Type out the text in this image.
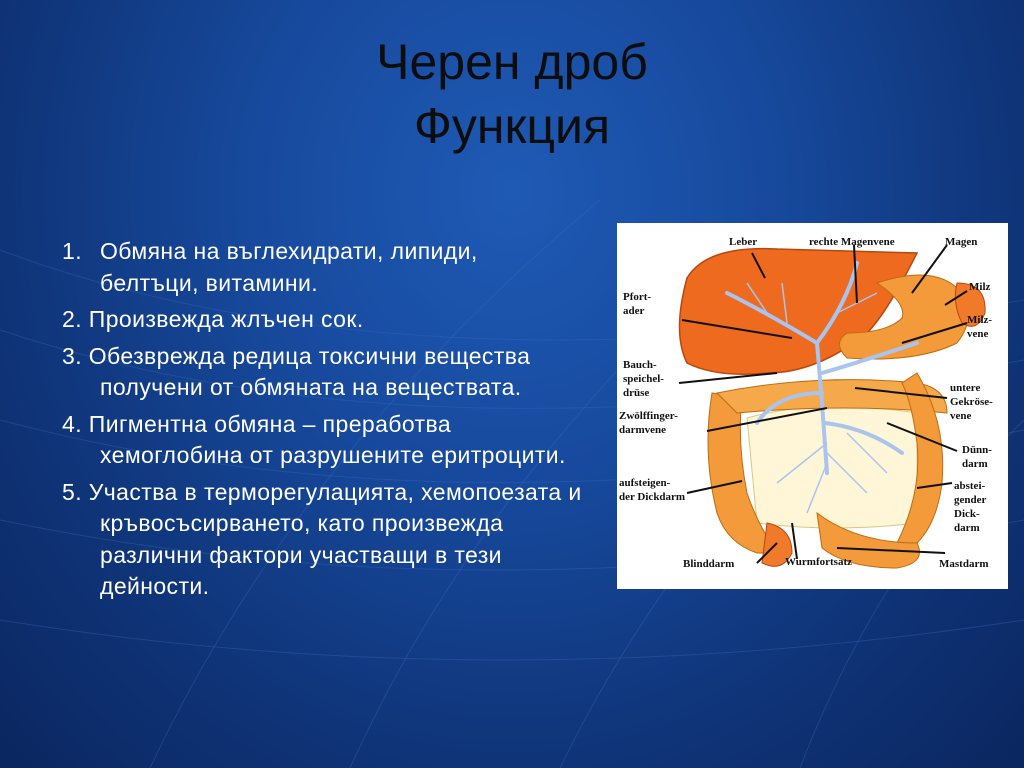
Черен дроб
Функция
1. Обмяна на въглехидрати, липиди, белтъци, витамини.
2. Произвежда жлъчен сок.
3. Обезврежда редица токсични вещества получени от обмяната на веществата.
4. Пигментна обмяна – преработва хемоглобина от разрушените еритроцити.
5. Участва в терморегулацията, хемопоезата и кръвосъсирването, като произвежда различни фактори участващи в тези дейности.
Leber	rechte Magenvene	Magen
Pfort-
ader
Milz
Milz-
vene
Bauch-
speichel-
drüse
Zwölffinger-
darmvene
untere
Gekröse-
vene
Dünn-
darm
aufsteigen-
der Dickdarm
abstei-
gender
Dick-
darm
Blinddarm	Wurmfortsatz	Mastdarm
